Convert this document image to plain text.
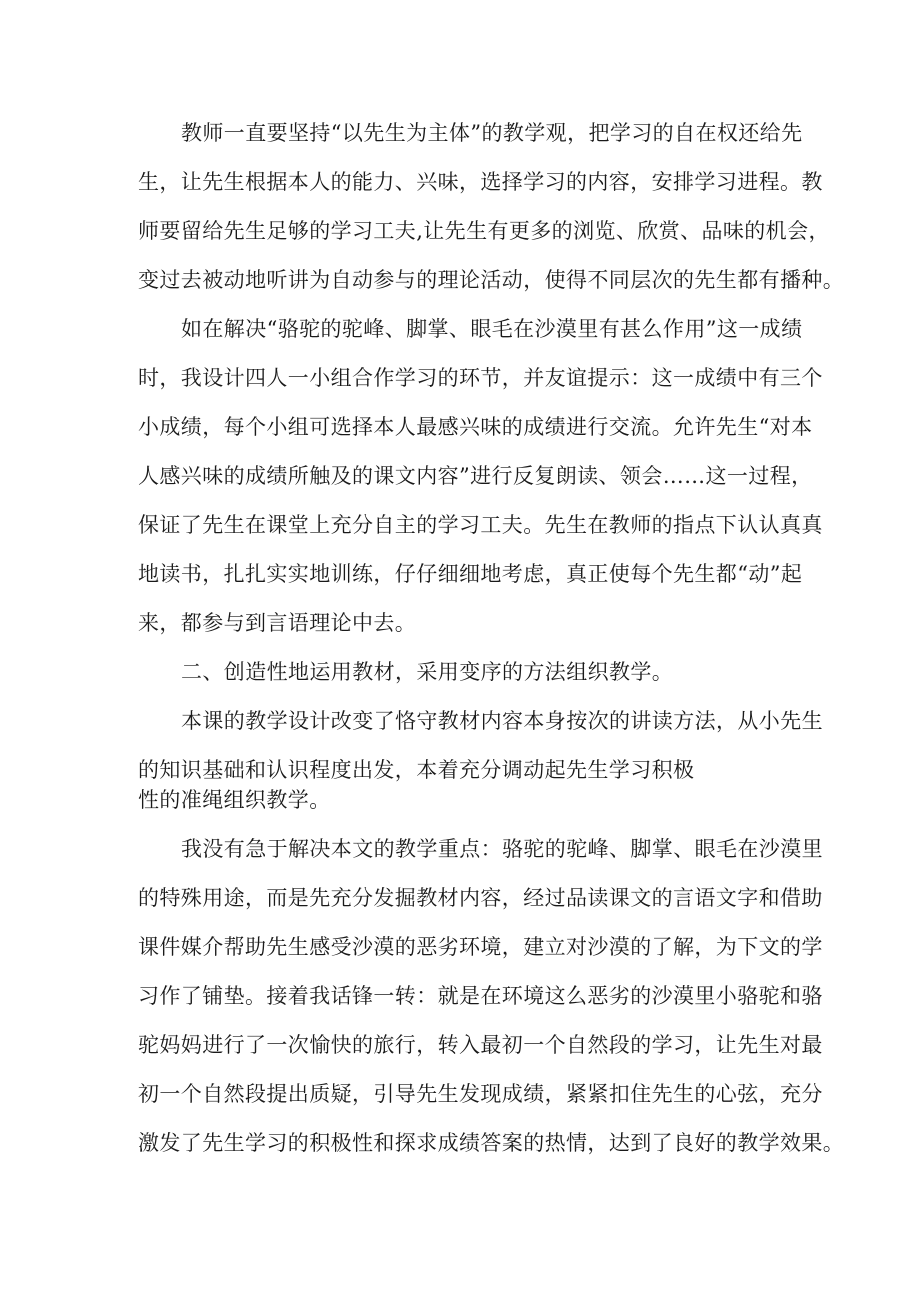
教师一直要坚持“以先生为主体”的教学观，把学习的自在权还给先
生，让先生根据本人的能力、兴味，选择学习的内容，安排学习进程。教
师要留给先生足够的学习工夫,让先生有更多的浏览、欣赏、品味的机会，
变过去被动地听讲为自动参与的理论活动，使得不同层次的先生都有播种。
如在解决“骆驼的驼峰、脚掌、眼毛在沙漠里有甚么作用”这一成绩
时，我设计四人一小组合作学习的环节，并友谊提示：这一成绩中有三个
小成绩，每个小组可选择本人最感兴味的成绩进行交流。允许先生“对本
人感兴味的成绩所触及的课文内容”进行反复朗读、领会……这一过程，
保证了先生在课堂上充分自主的学习工夫。先生在教师的指点下认认真真
地读书，扎扎实实地训练，仔仔细细地考虑，真正使每个先生都“动”起
来，都参与到言语理论中去。
二、创造性地运用教材，采用变序的方法组织教学。
本课的教学设计改变了恪守教材内容本身按次的讲读方法，从小先生
的知识基础和认识程度出发，本着充分调动起先生学习积极
性的准绳组织教学。
我没有急于解决本文的教学重点：骆驼的驼峰、脚掌、眼毛在沙漠里
的特殊用途，而是先充分发掘教材内容，经过品读课文的言语文字和借助
课件媒介帮助先生感受沙漠的恶劣环境，建立对沙漠的了解，为下文的学
习作了铺垫。接着我话锋一转：就是在环境这么恶劣的沙漠里小骆驼和骆
驼妈妈进行了一次愉快的旅行，转入最初一个自然段的学习，让先生对最
初一个自然段提出质疑，引导先生发现成绩，紧紧扣住先生的心弦，充分
激发了先生学习的积极性和探求成绩答案的热情，达到了良好的教学效果。
